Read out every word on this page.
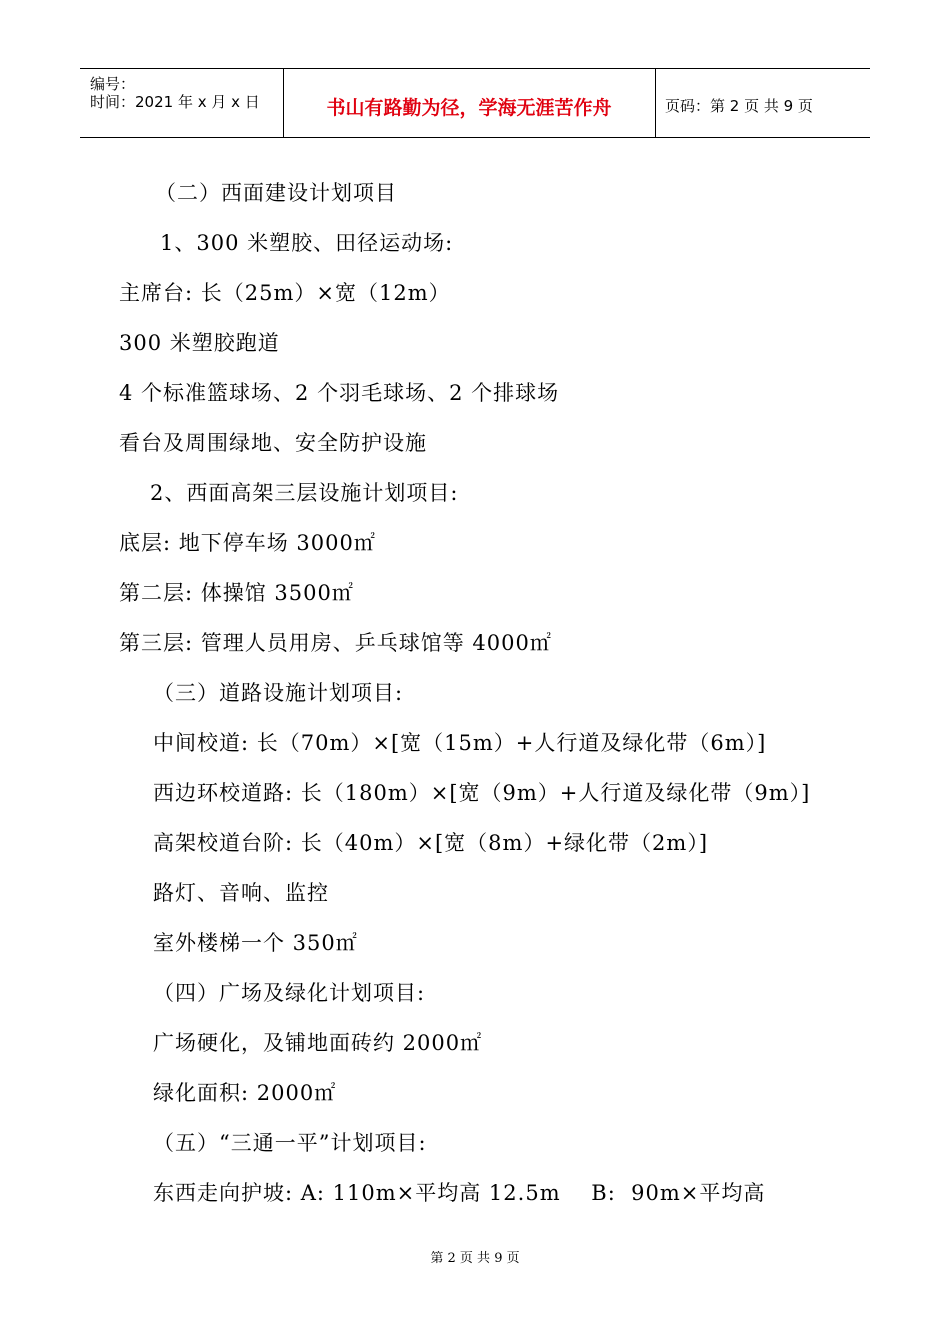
编号：
时间：2021 年 x 月 x 日	书山有路勤为径，学海无涯苦作舟	页码：第 2 页 共 9 页
（二）西面建设计划项目
1、300 米塑胶、田径运动场:
主席台: 长（25m）×宽（12m）
300 米塑胶跑道
4 个标准篮球场、2 个羽毛球场、2 个排球场
看台及周围绿地、安全防护设施
2、西面高架三层设施计划项目:
底层: 地下停车场 3000㎡
第二层: 体操馆 3500㎡
第三层: 管理人员用房、乒乓球馆等 4000㎡
（三）道路设施计划项目:
中间校道: 长（70m）×[宽（15m）+人行道及绿化带（6m）]
西边环校道路: 长（180m）×[宽（9m）+人行道及绿化带（9m）]
高架校道台阶: 长（40m）×[宽（8m）+绿化带（2m）]
路灯、音响、监控
室外楼梯一个 350㎡
（四）广场及绿化计划项目:
广场硬化，及铺地面砖约 2000㎡
绿化面积: 2000㎡
（五）“三通一平”计划项目:
东西走向护坡: A: 110m×平均高 12.5m    B:  90m×平均高
第 2 页 共 9 页
